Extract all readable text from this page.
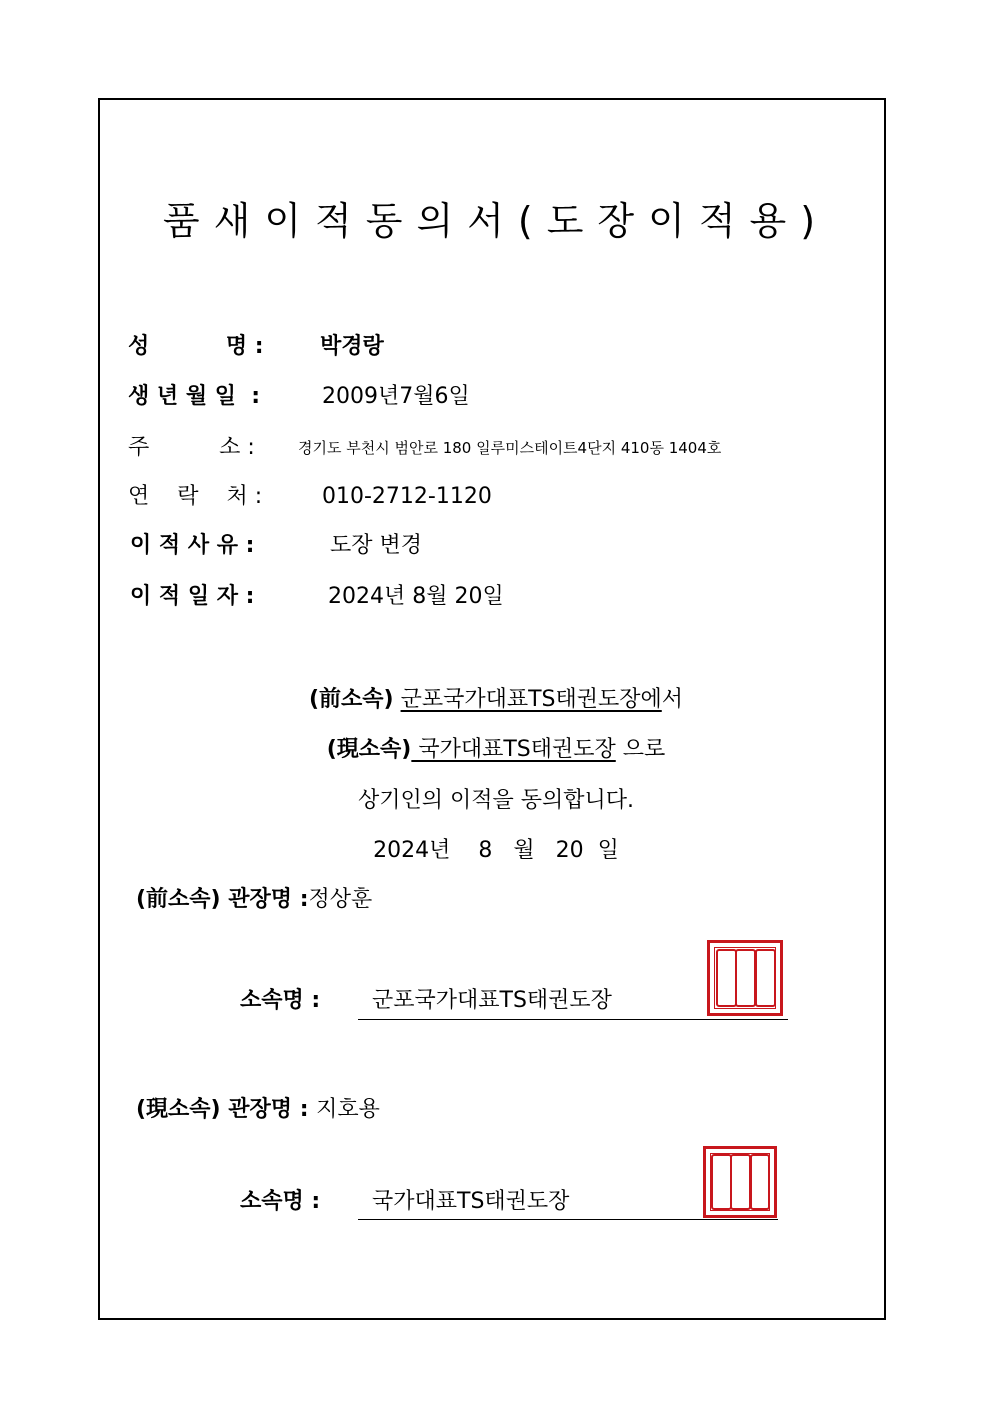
품새이적동의서(도장이적용)
성          명 :	박경랑
생 년 월 일  :	2009년7월6일
주          소 :	경기도 부천시 범안로 180 일루미스테이트4단지 410동 1404호
연    락    처 :	010-2712-1120
이 적 사 유 :	도장 변경
이 적 일 자 :	2024년 8월 20일
(前소속) 군포국가대표TS태권도장에서
(現소속) 국가대표TS태권도장 으로
상기인의 이적을 동의합니다.
2024년    8   월   20  일
(前소속) 관장명 :정상훈
소속명 : 군포국가대표TS태권도장
(現소속) 관장명 : 지호용
소속명 : 국가대표TS태권도장
